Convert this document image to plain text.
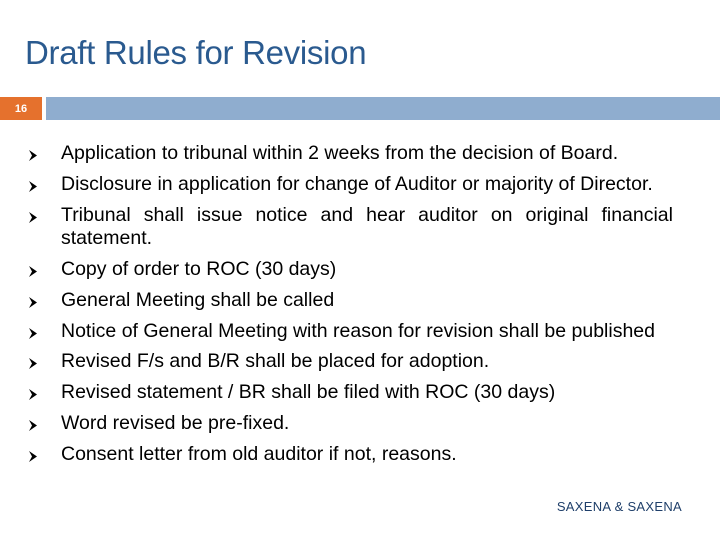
Draft Rules for Revision
16
Application to tribunal within 2 weeks from the decision of Board.
Disclosure in application for change of Auditor or majority of Director.
Tribunal shall issue notice and hear auditor on original financial statement.
Copy of order to ROC (30 days)
General Meeting shall be called
Notice of General Meeting with reason for revision shall be published
Revised F/s and B/R shall be placed for adoption.
Revised statement / BR shall be filed with ROC (30 days)
Word revised be pre-fixed.
Consent letter from old auditor if not, reasons.
SAXENA & SAXENA
